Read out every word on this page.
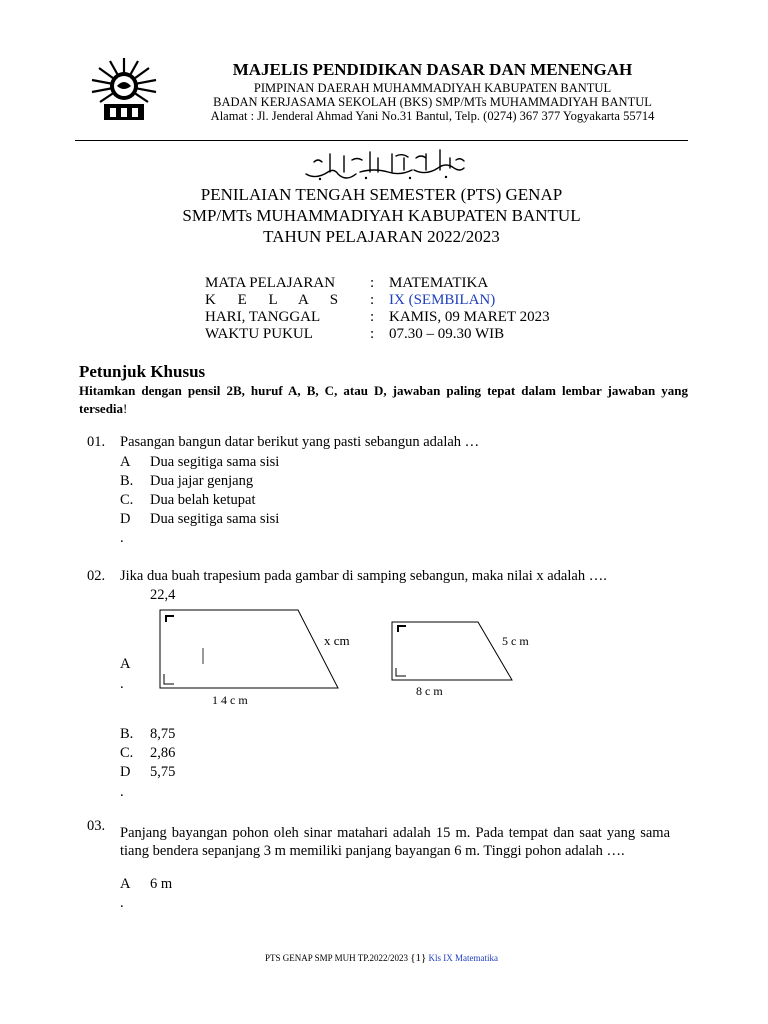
MAJELIS PENDIDIKAN DASAR DAN MENENGAH
PIMPINAN DAERAH MUHAMMADIYAH KABUPATEN BANTUL
BADAN KERJASAMA SEKOLAH (BKS) SMP/MTs MUHAMMADIYAH BANTUL
Alamat : Jl. Jenderal Ahmad Yani No.31 Bantul, Telp. (0274) 367 377 Yogyakarta 55714
PENILAIAN TENGAH SEMESTER (PTS) GENAP
SMP/MTs MUHAMMADIYAH KABUPATEN BANTUL
TAHUN PELAJARAN 2022/2023
MATA PELAJARAN : MATEMATIKA
K E L A S : IX (SEMBILAN)
HARI, TANGGAL	: KAMIS, 09 MARET 2023
WAKTU PUKUL	: 07.30 – 09.30 WIB
Petunjuk Khusus
Hitamkan dengan pensil 2B, huruf A, B, C, atau D, jawaban paling tepat dalam lembar jawaban yang tersedia!
01. Pasangan bangun datar berikut yang pasti sebangun adalah …
A Dua segitiga sama sisi
B. Dua jajar genjang
C. Dua belah ketupat
D Dua segitiga sama sisi
.
02. Jika dua buah trapesium pada gambar di samping sebangun, maka nilai x adalah ….
22,4
A
.
x cm
1 4 c m
5 c m
8 c m
B. 8,75
C. 2,86
D 5,75
.
03. Panjang bayangan pohon oleh sinar matahari adalah 15 m. Pada tempat dan saat yang sama tiang bendera sepanjang 3 m memiliki panjang bayangan 6 m. Tinggi pohon adalah ….
A 6 m
.
PTS GENAP SMP MUH TP.2022/2023 {1} Kls IX Matematika
